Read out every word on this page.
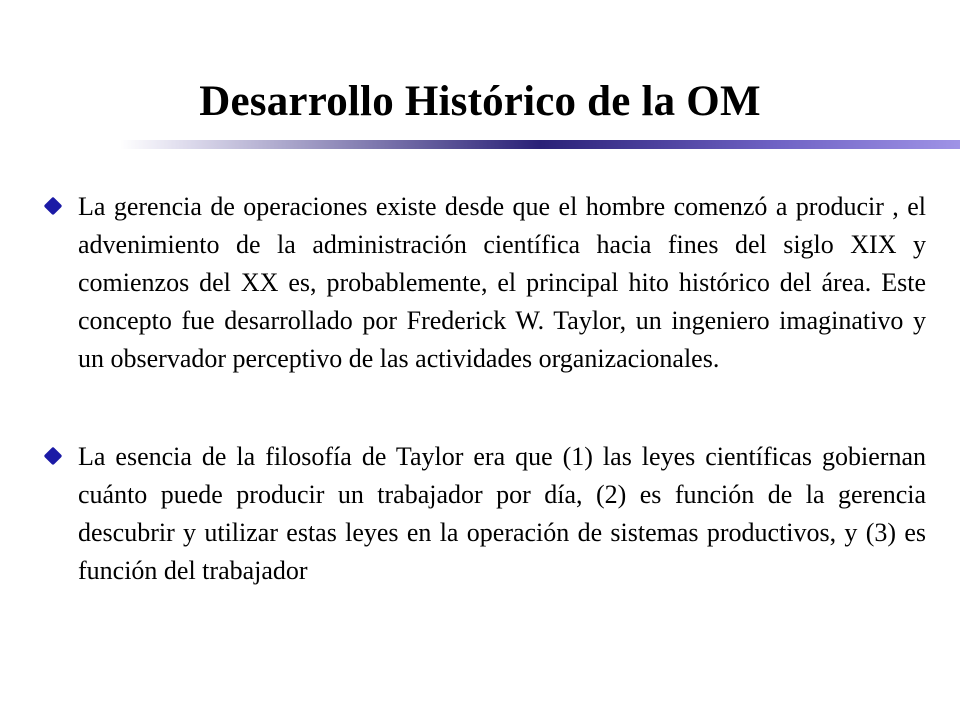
Desarrollo Histórico de la OM
La gerencia de operaciones existe desde que el hombre comenzó a producir , el advenimiento de la administración científica hacia fines del siglo XIX y comienzos del XX es, probablemente, el principal hito histórico del área. Este concepto fue desarrollado por Frederick W. Taylor, un ingeniero imaginativo y un observador perceptivo de las actividades organizacionales.
La esencia de la filosofía de Taylor era que (1) las leyes científicas gobiernan cuánto puede producir un trabajador por día, (2) es función de la gerencia descubrir y utilizar estas leyes en la operación de sistemas productivos, y (3) es función del trabajador
